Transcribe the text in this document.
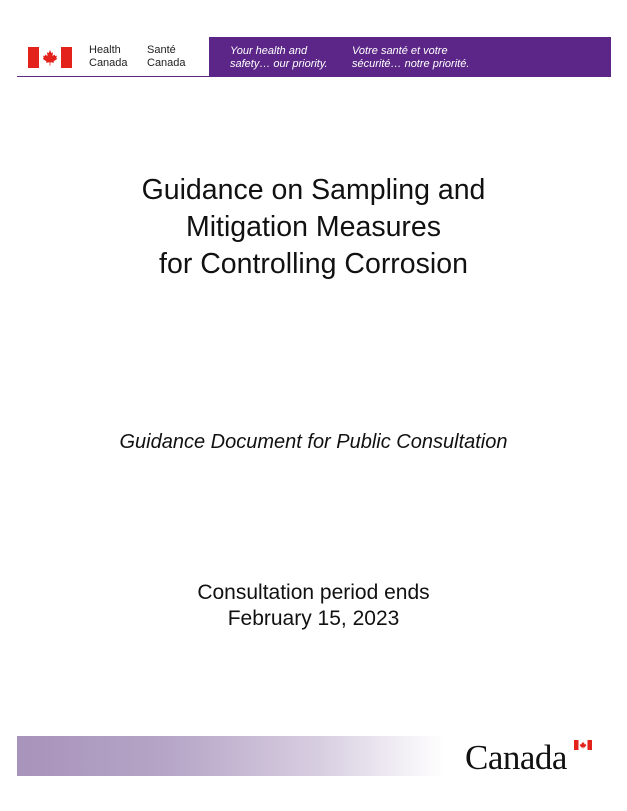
Health
Canada
Santé
Canada
Your health and
safety… our priority.
Votre santé et votre
sécurité… notre priorité.
Guidance on Sampling and
Mitigation Measures
for Controlling Corrosion
Guidance Document for Public Consultation
Consultation period ends
February 15, 2023
Canada
